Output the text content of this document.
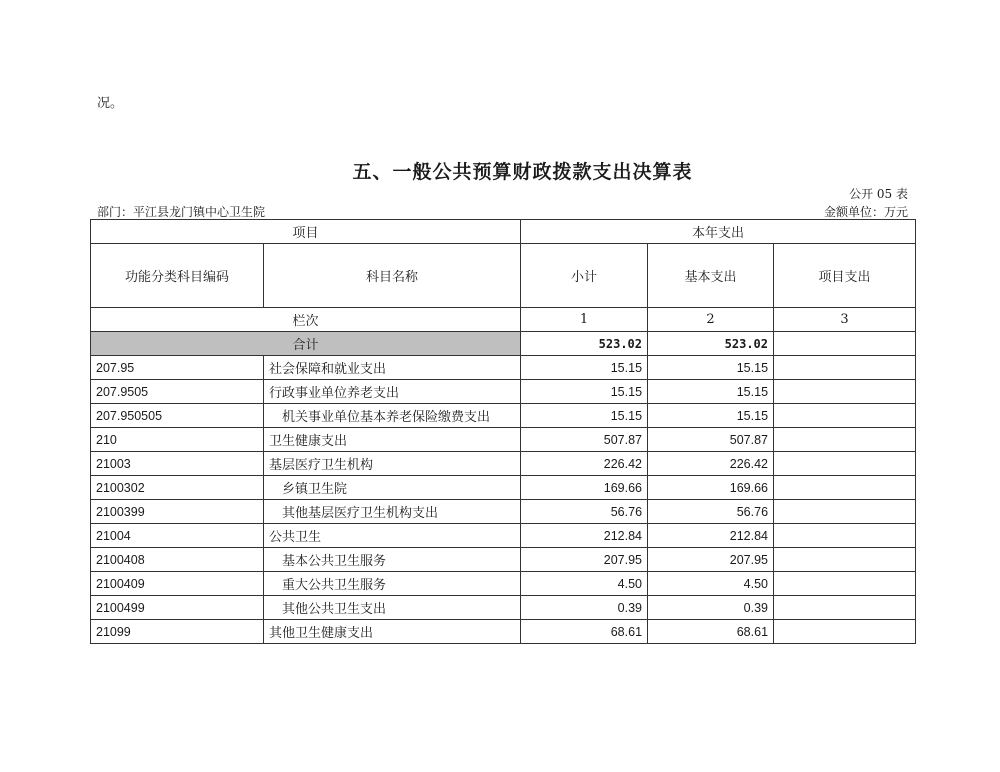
况。
五、一般公共预算财政拨款支出决算表
公开 05 表
部门：平江县龙门镇中心卫生院	金额单位：万元
项目		本年支出		
功能分类科目编码	科目名称	小计	基本支出	项目支出
栏次		1	2	3
合计		523.02	523.02	
207.95	社会保障和就业支出	15.15	15.15	
207.9505	行政事业单位养老支出	15.15	15.15	
207.950505	机关事业单位基本养老保险缴费支出	15.15	15.15	
210	卫生健康支出	507.87	507.87	
21003	基层医疗卫生机构	226.42	226.42	
2100302	乡镇卫生院	169.66	169.66	
2100399	其他基层医疗卫生机构支出	56.76	56.76	
21004	公共卫生	212.84	212.84	
2100408	基本公共卫生服务	207.95	207.95	
2100409	重大公共卫生服务	4.50	4.50	
2100499	其他公共卫生支出	0.39	0.39	
21099	其他卫生健康支出	68.61	68.61	
